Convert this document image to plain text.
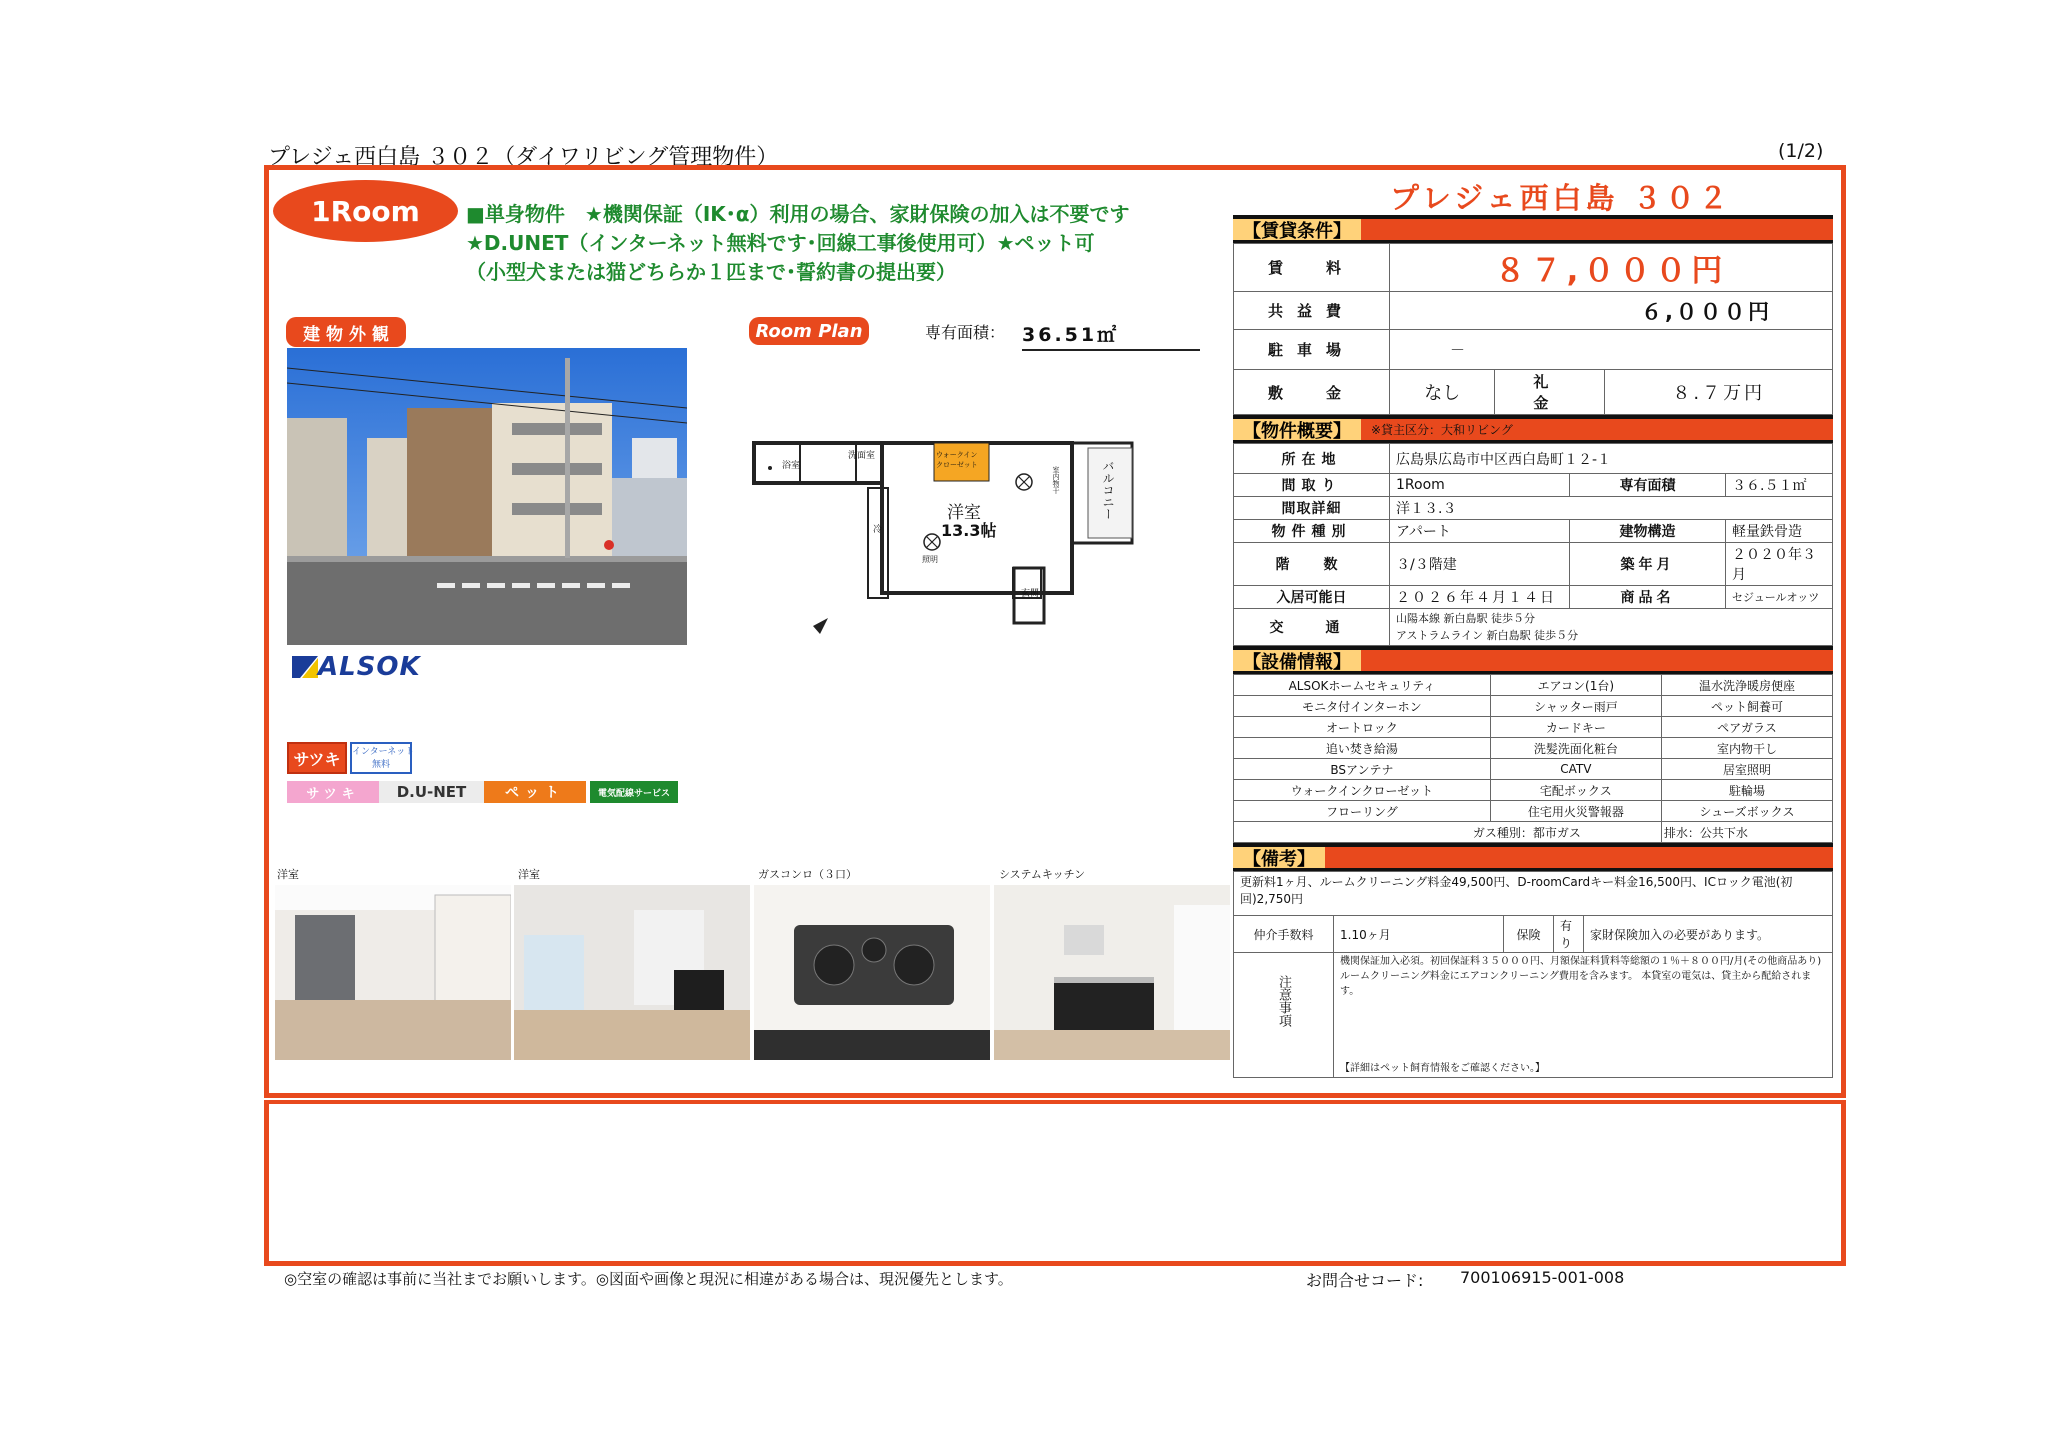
プレジェ西白島 ３０２（ダイワリビング管理物件）	(1/2)
1Room	■単身物件　★機関保証（IK･α）利用の場合、家財保険の加入は不要です
★D.UNET（インターネット無料です･回線工事後使用可）★ペット可
（小型犬または猫どちらか１匹まで･誓約書の提出要）
建 物 外 観
ALSOK
サツキ	インターネット
無料
サツキ	D.U-NET	ペット	電気配線サービス
Room Plan	専有面積： 36.51㎡
洋室
13.3帖
ウォークイン
クローゼット	バルコニー
浴室
洗面室
玄関
冷
照明
室内物干
洋室	洋室	ガスコンロ（３口）	システムキッチン
プレジェ西白島 ３０２
【賃貸条件】
賃　料	８７,０００円		
共益費	６,０００円		
駐車場	－		
敷　金	なし	礼　金	８.７万円
【物件概要】	※貸主区分：大和リビング
所在地	広島県広島市中区西白島町１２-１		
間取り	1Room	専有面積	３６.５１㎡
間取詳細	洋１３.３		
物件種別	アパート	建物構造	軽量鉄骨造
階　数	３/３階建	築年月	２０２０年３月
入居可能日	２０２６年４月１４日	商品名	セジュールオッツ
交　通	山陽本線 新白島駅 徒歩５分
アストラムライン 新白島駅 徒歩５分		
【設備情報】
ALSOKホームセキュリティ	エアコン(1台)	温水洗浄暖房便座
モニタ付インターホン	シャッター雨戸	ペット飼養可
オートロック	カードキー	ペアガラス
追い焚き給湯	洗髪洗面化粧台	室内物干し
BSアンテナ	CATV	居室照明
ウォークインクローゼット	宅配ボックス	駐輪場
フローリング	住宅用火災警報器	シューズボックス
ガス種別：都市ガス		排水：公共下水
【備考】
更新料1ヶ月、ルームクリーニング料金49,500円、D-roomCardキー料金16,500円、ICロック電池(初回)2,750円				
仲介手数料	1.10ヶ月	保険	有り	家財保険加入の必要があります。

注意事項	機関保証加入必須。初回保証料３５０００円、月額保証料賃料等総額の１％＋８００円/月(その他商品あり)
ルームクリーニング料金にエアコンクリーニング費用を含みます。 本貸室の電気は、貸主から配給されます。
【詳細はペット飼育情報をご確認ください。】			
◎空室の確認は事前に当社までお願いします。◎図面や画像と現況に相違がある場合は、現況優先とします。	お問合せコード: 700106915-001-008
